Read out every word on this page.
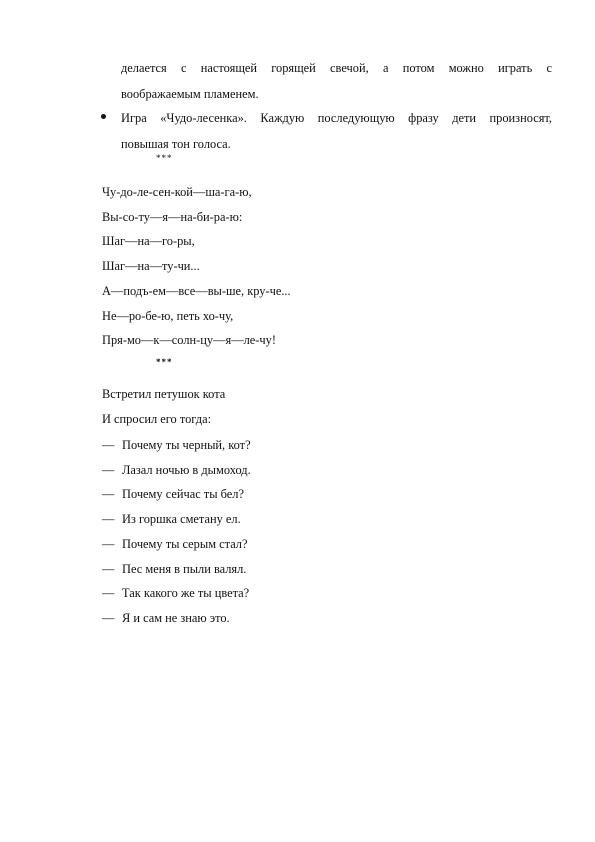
делается с настоящей горящей свечой, а потом можно играть с
воображаемым пламенем.
Игра «Чудо-лесенка». Каждую последующую фразу дети произносят,
повышая тон голоса.
***
Чу-до-ле-сен-кой—ша-га-ю,
Вы-со-ту—я—на-би-ра-ю:
Шаг—на—го-ры,
Шаг—на—ту-чи...
А—подъ-ем—все—вы-ше, кру-че...
Не—ро-бе-ю, петь хо-чу,
Пря-мо—к—солн-цу—я—ле-чу!
***
Встретил петушок кота
И спросил его тогда:
— Почему ты черный, кот?
— Лазал ночью в дымоход.
— Почему сейчас ты бел?
— Из горшка сметану ел.
— Почему ты серым стал?
— Пес меня в пыли валял.
— Так какого же ты цвета?
— Я и сам не знаю это.
